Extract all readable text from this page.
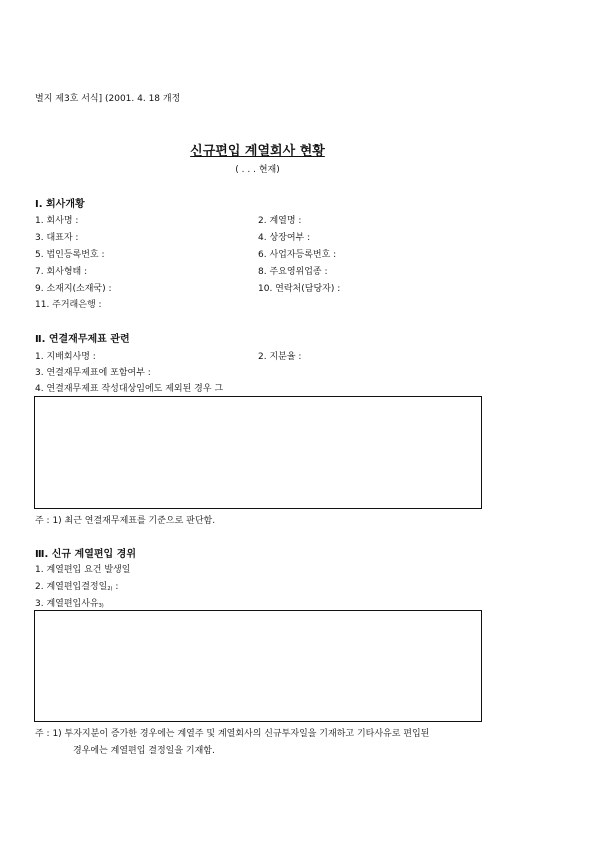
별지 제3호 서식] (2001. 4. 18 개정
신규편입 계열회사 현황
( . . . 현재)
Ⅰ. 회사개황
1. 회사명 :	2. 계열명 :
3. 대표자 :	4. 상장여부 :
5. 법인등록번호 :	6. 사업자등록번호 :
7. 회사형태 :	8. 주요영위업종 :
9. 소재지(소재국) :	10. 연락처(담당자) :
11. 주거래은행 :
Ⅱ. 연결재무제표 관련
1. 지배회사명 :	2. 지분율 :
3. 연결재무제표에 포함여부 :
4. 연결재무제표 작성대상임에도 제외된 경우 그
주 : 1) 최근 연결재무제표를 기준으로 판단함.
Ⅲ. 신규 계열편입 경위
1. 계열편입 요건 발생일
2. 계열편입결정일$_{2)}$ :
3. 계열편입사유$_{3)}$
주 : 1) 투자지분이 증가한 경우에는 계열주 및 계열회사의 신규투자일을 기재하고 기타사유로 편입된
경우에는 계열편입 결정일을 기재함.
